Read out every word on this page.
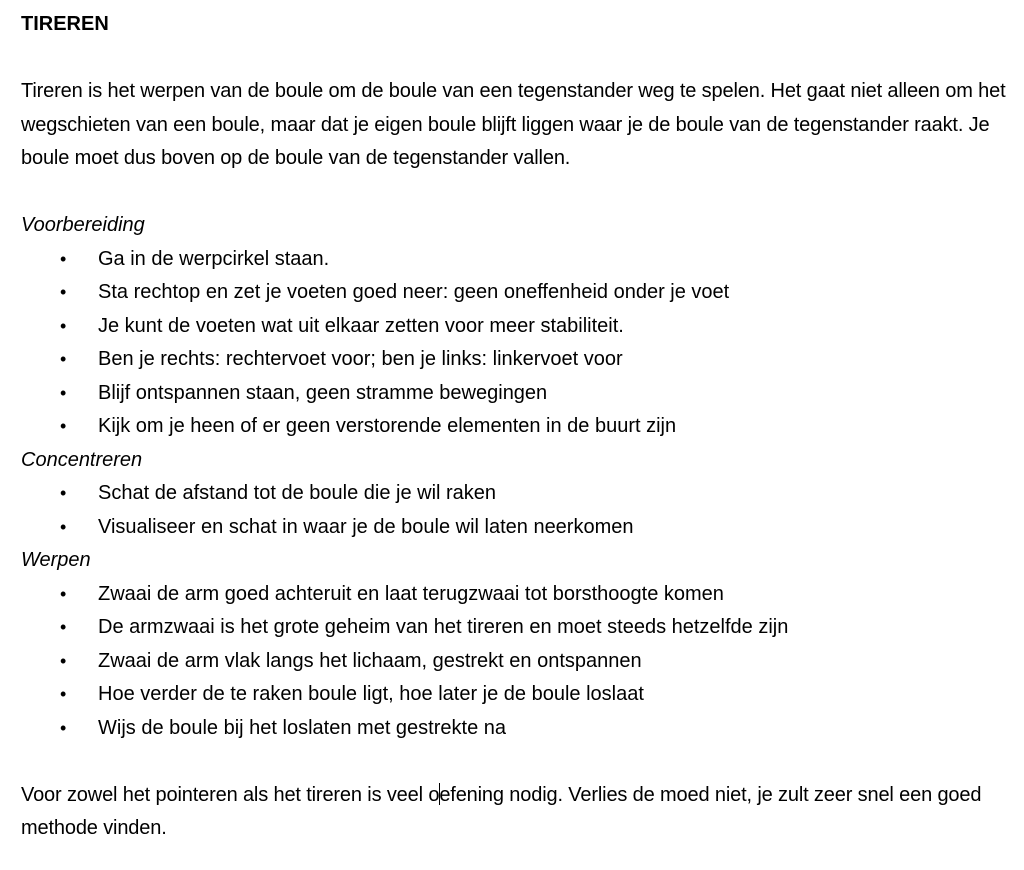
TIREREN

Tireren is het werpen van de boule om de boule van een tegenstander weg te spelen. Het gaat niet alleen om het wegschieten van een boule, maar dat je eigen boule blijft liggen waar je de boule van de tegenstander raakt. Je boule moet dus boven op de boule van de tegenstander vallen.

Voorbereiding

• Ga in de werpcirkel staan.
• Sta rechtop en zet je voeten goed neer: geen oneffenheid onder je voet
• Je kunt de voeten wat uit elkaar zetten voor meer stabiliteit.
• Ben je rechts: rechtervoet voor; ben je links: linkervoet voor
• Blijf ontspannen staan, geen stramme bewegingen
• Kijk om je heen of er geen verstorende elementen in de buurt zijn

Concentreren

• Schat de afstand tot de boule die je wil raken
• Visualiseer en schat in waar je de boule wil laten neerkomen

Werpen

• Zwaai de arm goed achteruit en laat terugzwaai tot borsthoogte komen
• De armzwaai is het grote geheim van het tireren en moet steeds hetzelfde zijn
• Zwaai de arm vlak langs het lichaam, gestrekt en ontspannen
• Hoe verder de te raken boule ligt, hoe later je de boule loslaat
• Wijs de boule bij het loslaten met gestrekte na

Voor zowel het pointeren als het tireren is veel oefening nodig. Verlies de moed niet, je zult zeer snel een goed methode vinden.
